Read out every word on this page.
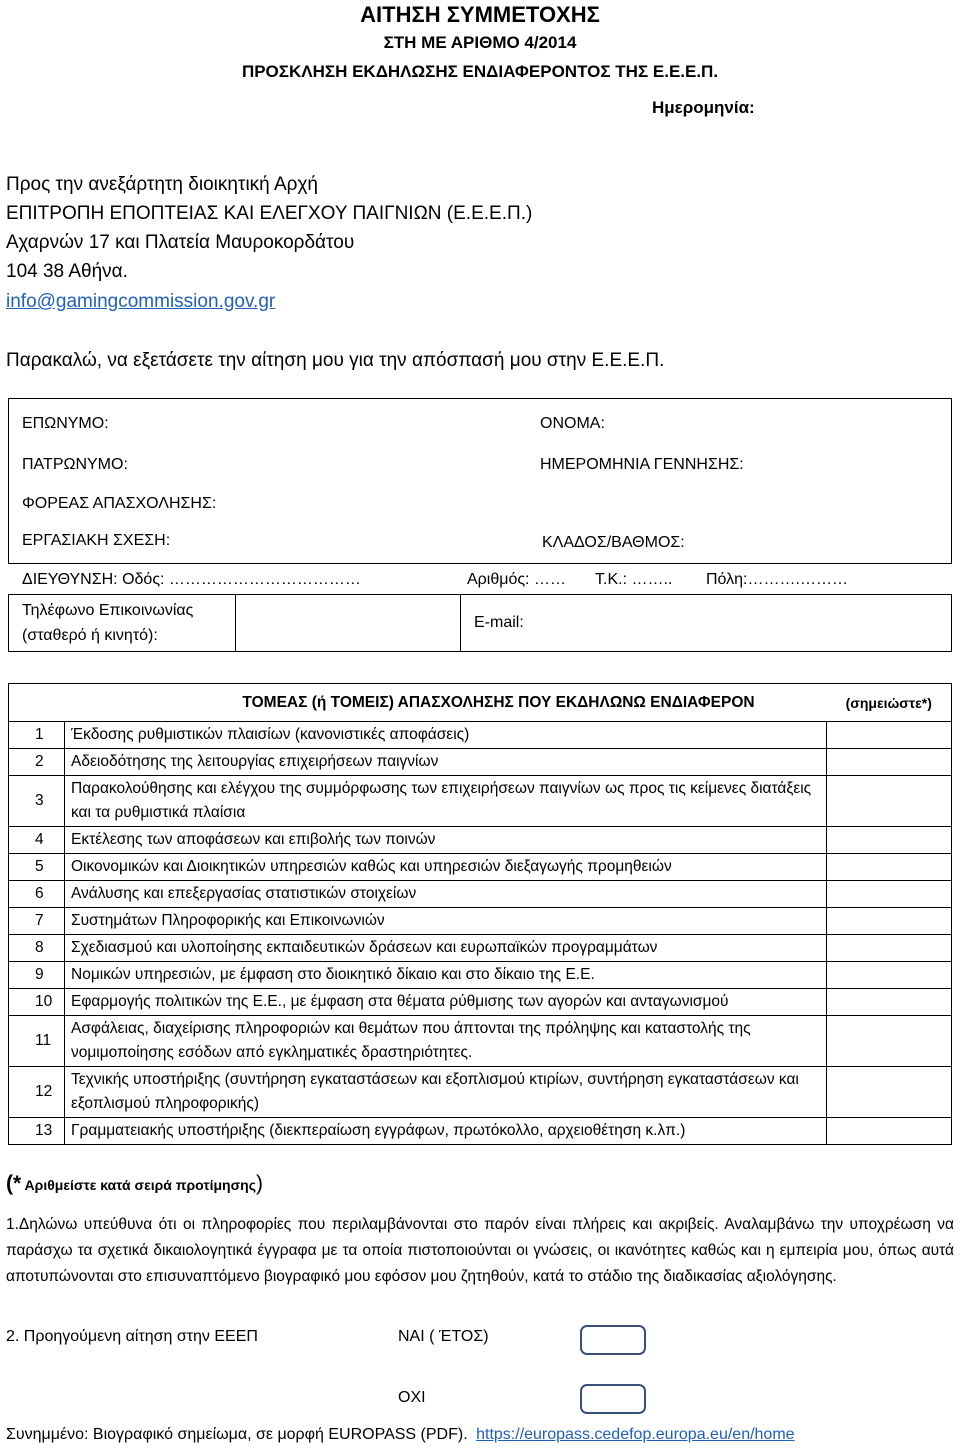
ΑΙΤΗΣΗ ΣΥΜΜΕΤΟΧΗΣ
ΣΤΗ ΜΕ ΑΡΙΘΜΟ 4/2014
ΠΡΟΣΚΛΗΣΗ ΕΚΔΗΛΩΣΗΣ ΕΝΔΙΑΦΕΡΟΝΤΟΣ ΤΗΣ Ε.Ε.Ε.Π.
Ημερομηνία:
Προς την ανεξάρτητη διοικητική Αρχή
ΕΠΙΤΡΟΠΗ ΕΠΟΠΤΕΙΑΣ ΚΑΙ ΕΛΕΓΧΟΥ ΠΑΙΓΝΙΩΝ (Ε.Ε.Ε.Π.)
Αχαρνών 17 και Πλατεία Μαυροκορδάτου
104 38 Αθήνα.
info@gamingcommission.gov.gr
Παρακαλώ, να εξετάσετε την αίτηση μου για την απόσπασή μου στην Ε.Ε.Ε.Π.
ΕΠΩΝΥΜΟ:	ΟΝΟΜΑ:
ΠΑΤΡΩΝΥΜΟ:	ΗΜΕΡΟΜΗΝΙΑ ΓΕΝΝΗΣΗΣ:
ΦΟΡΕΑΣ ΑΠΑΣΧΟΛΗΣΗΣ:
ΕΡΓΑΣΙΑΚΗ ΣΧΕΣΗ:	ΚΛΑΔΟΣ/ΒΑΘΜΟΣ:
ΔΙΕΥΘΥΝΣΗ: Οδός: ………………………………	Αριθμός: …… Τ.Κ.: …….. Πόλη:……….………
Τηλέφωνο Επικοινωνίας
(σταθερό ή κινητό):
E-mail:
	ΤΟΜΕΑΣ (ή ΤΟΜΕΙΣ) ΑΠΑΣΧΟΛΗΣΗΣ ΠΟΥ ΕΚΔΗΛΩΝΩ ΕΝΔΙΑΦΕΡΟΝ	(σημειώστε*)
1	Έκδοσης ρυθμιστικών πλαισίων (κανονιστικές αποφάσεις)	
2	Αδειοδότησης της λειτουργίας επιχειρήσεων παιγνίων	
3	Παρακολούθησης και ελέγχου της συμμόρφωσης των επιχειρήσεων παιγνίων ως προς τις κείμενες διατάξεις και τα ρυθμιστικά πλαίσια	
4	Εκτέλεσης των αποφάσεων και επιβολής των ποινών	
5	Οικονομικών και Διοικητικών υπηρεσιών καθώς και υπηρεσιών διεξαγωγής προμηθειών	
6	Ανάλυσης και επεξεργασίας στατιστικών στοιχείων	
7	Συστημάτων Πληροφορικής και Επικοινωνιών	
8	Σχεδιασμού και υλοποίησης εκπαιδευτικών δράσεων και ευρωπαϊκών προγραμμάτων	
9	Νομικών υπηρεσιών, με έμφαση στο διοικητικό δίκαιο και στο δίκαιο της Ε.Ε.	
10	Εφαρμογής πολιτικών της Ε.Ε., με έμφαση στα θέματα ρύθμισης των αγορών και ανταγωνισμού	
11	Ασφάλειας, διαχείρισης πληροφοριών και θεμάτων που άπτονται της πρόληψης και καταστολής της νομιμοποίησης εσόδων από εγκληματικές δραστηριότητες.	
12	Τεχνικής υποστήριξης (συντήρηση εγκαταστάσεων και εξοπλισμού κτιρίων, συντήρηση εγκαταστάσεων και εξοπλισμού πληροφορικής)	
13	Γραμματειακής υποστήριξης (διεκπεραίωση εγγράφων, πρωτόκολλο, αρχειοθέτηση κ.λπ.)	
(* Αριθμείστε κατά σειρά προτίμησης)
1.Δηλώνω υπεύθυνα ότι οι πληροφορίες που περιλαμβάνονται στο παρόν είναι πλήρεις και ακριβείς. Αναλαμβάνω την υποχρέωση να παράσχω τα σχετικά δικαιολογητικά έγγραφα με τα οποία πιστοποιούνται οι γνώσεις, οι ικανότητες καθώς και η εμπειρία μου, όπως αυτά αποτυπώνονται στο επισυναπτόμενο βιογραφικό μου εφόσον μου ζητηθούν, κατά το στάδιο της διαδικασίας αξιολόγησης.
2. Προηγούμενη αίτηση στην ΕΕΕΠ	ΝΑΙ ( ΈΤΟΣ)
ΟΧΙ
Συνημμένο: Βιογραφικό σημείωμα, σε μορφή EUROPASS (PDF). https://europass.cedefop.europa.eu/en/home
